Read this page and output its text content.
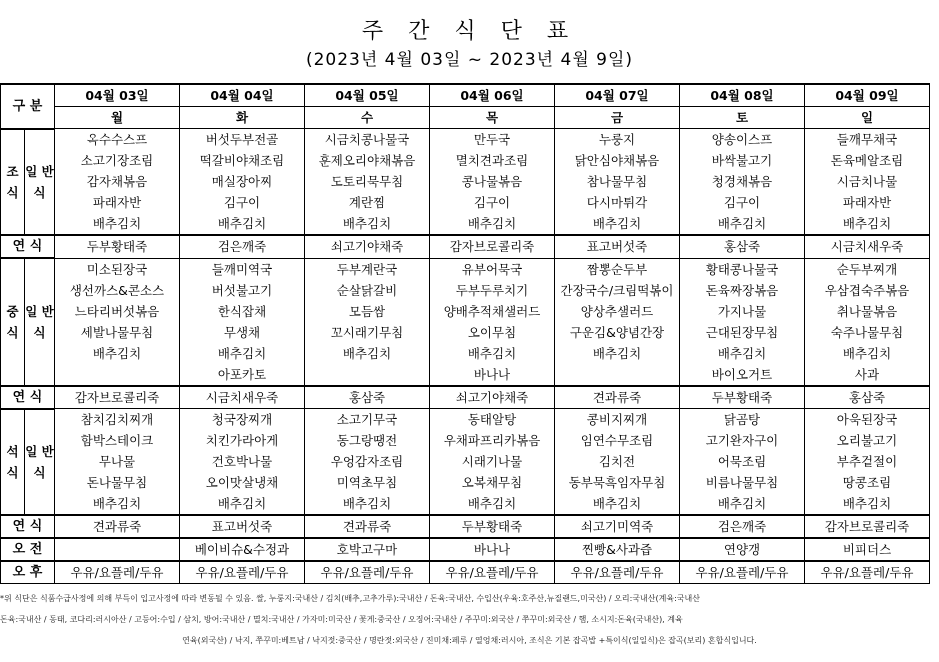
주 간 식 단 표
(2023년 4월 03일 ~ 2023년 4월 9일)
구 분		04월 03일	04월 04일	04월 05일	04월 06일	04월 07일	04월 08일	04월 09일
		월	화	수	목	금	토	일
조 식	일 반 식	옥수수스프	버섯두부전골	시금치콩나물국	만두국	누룽지	양송이스프	들깨무채국
		소고기장조림	떡갈비야채조림	훈제오리야채볶음	멸치견과조림	닭안심야채볶음	바싹불고기	돈육메알조림
		감자채볶음	매실장아찌	도토리묵무침	콩나물볶음	참나물무침	청경채볶음	시금치나물
		파래자반	김구이	계란찜	김구이	다시마튀각	김구이	파래자반
		배추김치	배추김치	배추김치	배추김치	배추김치	배추김치	배추김치
연 식		두부황태죽	검은깨죽	쇠고기야채죽	감자브로콜리죽	표고버섯죽	홍삼죽	시금치새우죽
중 식	일 반 식	미소된장국	들깨미역국	두부계란국	유부어묵국	짬뽕순두부	황태콩나물국	순두부찌개
		생선까스&콘소스	버섯불고기	순살닭갈비	두부두루치기	간장국수/크림떡볶이	돈육짜장볶음	우삼겹숙주볶음
		느타리버섯볶음	한식잡채	모듬쌈	양배추적채샐러드	양상추샐러드	가지나물	취나물볶음
		세발나물무침	무생채	꼬시래기무침	오이무침	구운김&양념간장	근대된장무침	숙주나물무침
		배추김치	배추김치	배추김치	배추김치	배추김치	배추김치	배추김치
			아포카토		바나나		바이오거트	사과
연 식		감자브로콜리죽	시금치새우죽	홍삼죽	쇠고기야채죽	견과류죽	두부황태죽	홍삼죽
석 식	일 반 식	참치김치찌개	청국장찌개	소고기무국	동태알탕	콩비지찌개	닭곰탕	아욱된장국
		함박스테이크	치킨가라아게	동그랑땡전	우채파프리카볶음	임연수무조림	고기완자구이	오리불고기
		무나물	건호박나물	우엉감자조림	시래기나물	김치전	어묵조림	부추겉절이
		돈나물무침	오이맛살냉채	미역초무침	오복채무침	동부묵흑임자무침	비름나물무침	땅콩조림
		배추김치	배추김치	배추김치	배추김치	배추김치	배추김치	배추김치
연 식		견과류죽	표고버섯죽	견과류죽	두부황태죽	쇠고기미역죽	검은깨죽	감자브로콜리죽
오 전			베이비슈&수정과	호박고구마	바나나	찐빵&사과즙	연양갱	비피더스
오 후		우유/요플레/두유	우유/요플레/두유	우유/요플레/두유	우유/요플레/두유	우유/요플레/두유	우유/요플레/두유	우유/요플레/두유
*위 식단은 식품수급사정에 의해 부득이 입고사정에 따라 변동될 수 있음. 쌀, 누룽지:국내산 / 김치(배추,고추가루):국내산 / 돈육:국내산, 수입산(우육:호주산,뉴질랜드,미국산) / 오리:국내산(계육:국내산
돈육:국내산 / 동태, 코다리:러시아산 / 고등어:수입 / 삼치, 방어:국내산 / 멸치:국내산 / 가자미:미국산 / 꽃게:중국산 / 오징어:국내산 / 주꾸미:외국산 / 쭈꾸미:외국산 / 햄, 소시지:돈육(국내산), 계육
연육(외국산) / 낙지, 쭈꾸미:베트남 / 낙지젓:중국산 / 명란젓:외국산 / 진미채:페루 / 열엉채:러시아, 조식은 기본 잡곡밥 +특이식(일일식)은 잡곡(보리) 혼합식입니다.
